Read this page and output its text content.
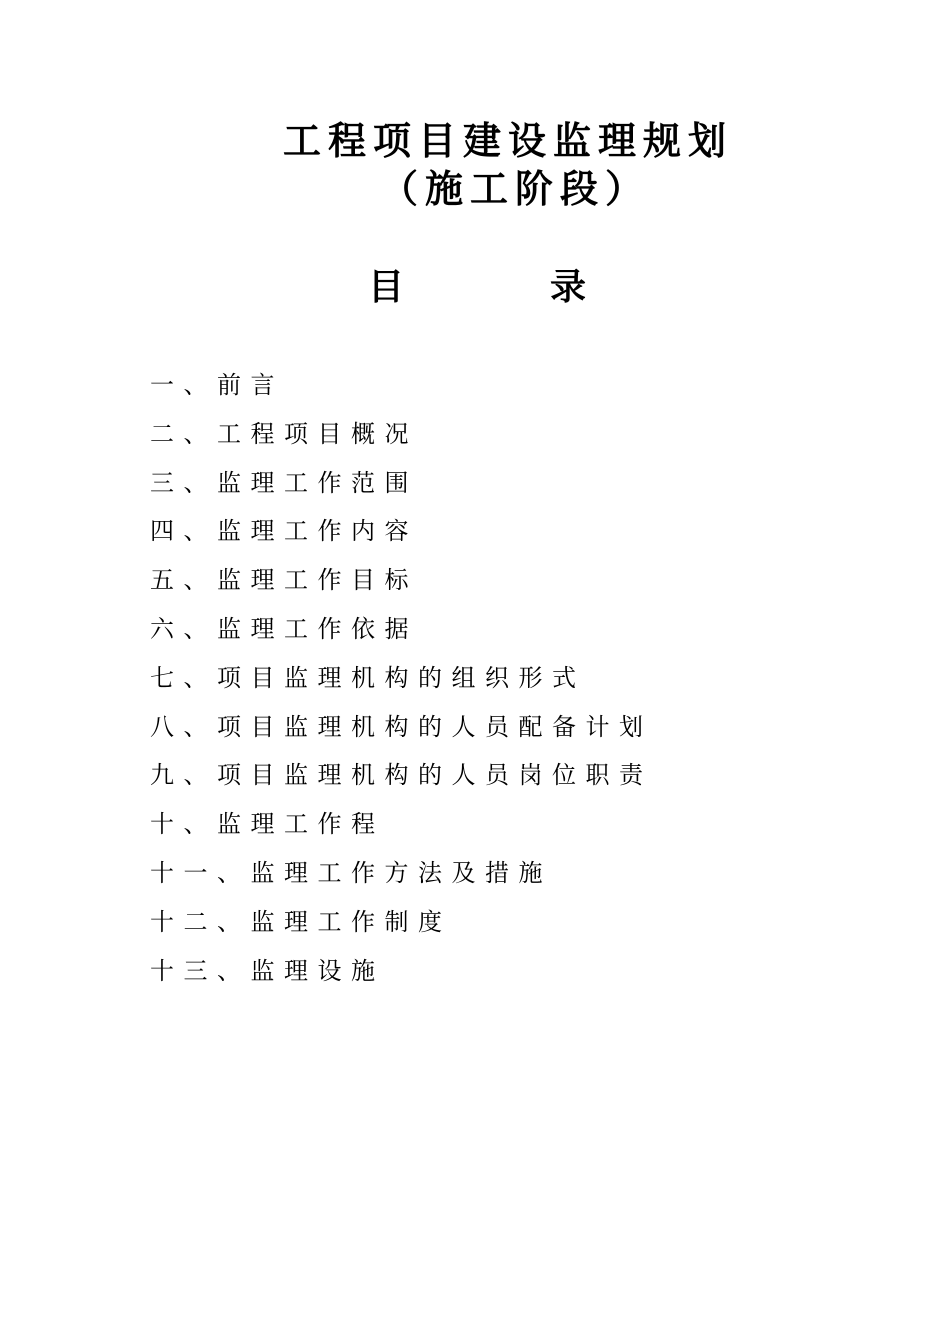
工程项目建设监理规划
（施工阶段）
目	录
一、前言
二、工程项目概况
三、监理工作范围
四、监理工作内容
五、监理工作目标
六、监理工作依据
七、项目监理机构的组织形式
八、项目监理机构的人员配备计划
九、项目监理机构的人员岗位职责
十、监理工作程
十一、监理工作方法及措施
十二、监理工作制度
十三、监理设施
